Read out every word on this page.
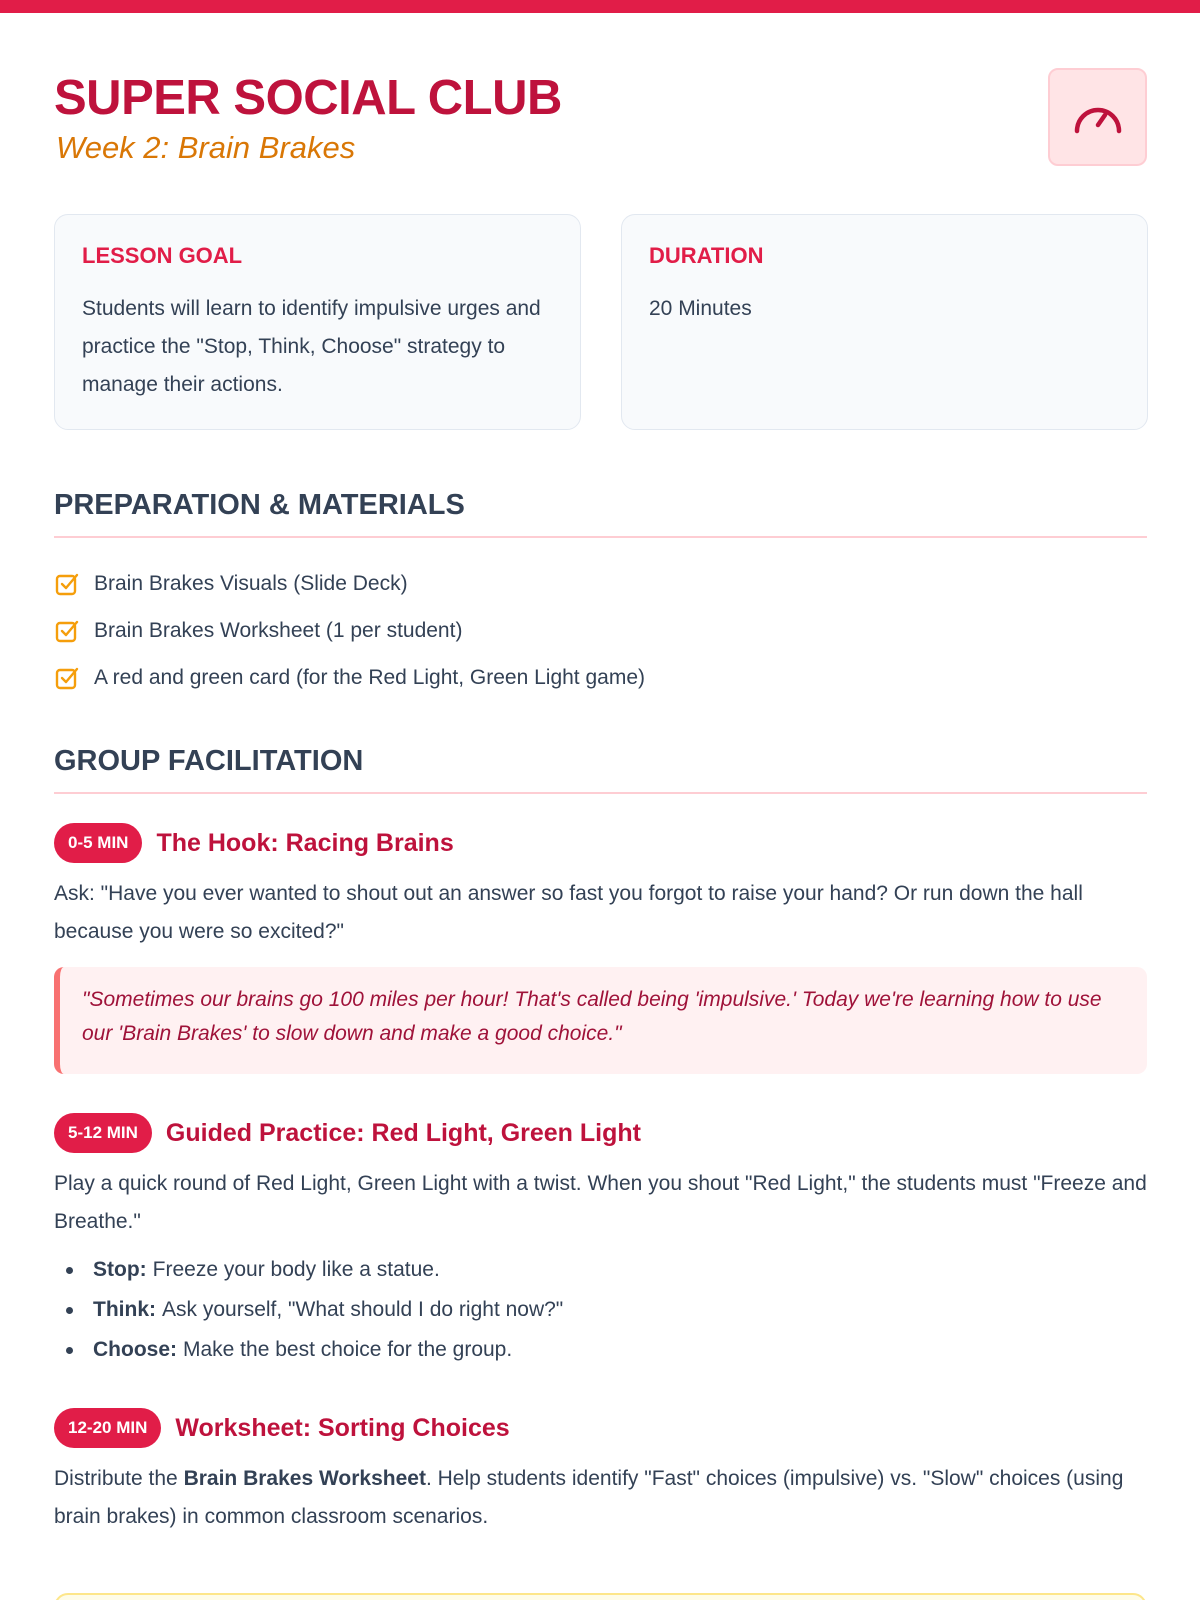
SUPER SOCIAL CLUB
Week 2: Brain Brakes
LESSON GOAL

Students will learn to identify impulsive urges and practice the "Stop, Think, Choose" strategy to manage their actions.

DURATION

20 Minutes

PREPARATION & MATERIALS
Brain Brakes Visuals (Slide Deck)
Brain Brakes Worksheet (1 per student)
A red and green card (for the Red Light, Green Light game)
GROUP FACILITATION
0-5 MIN	The Hook: Racing Brains

Ask: "Have you ever wanted to shout out an answer so fast you forgot to raise your hand? Or run down the hall because you were so excited?"

"Sometimes our brains go 100 miles per hour! That's called being 'impulsive.' Today we're learning how to use our 'Brain Brakes' to slow down and make a good choice."
5-12 MIN	Guided Practice: Red Light, Green Light

Play a quick round of Red Light, Green Light with a twist. When you shout "Red Light," the students must "Freeze and Breathe."

Stop: Freeze your body like a statue.
Think: Ask yourself, "What should I do right now?"
Choose: Make the best choice for the group.
12-20 MIN	Worksheet: Sorting Choices

Distribute the Brain Brakes Worksheet. Help students identify "Fast" choices (impulsive) vs. "Slow" choices (using brain brakes) in common classroom scenarios.
